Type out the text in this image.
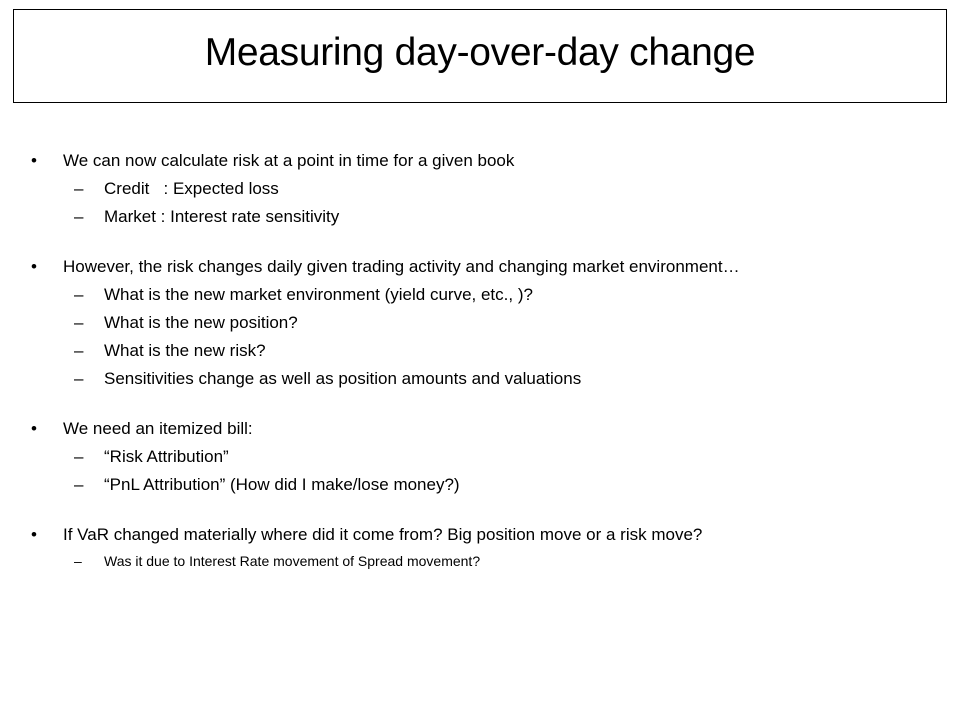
Measuring day-over-day change
• We can now calculate risk at a point in time for a given book
– Credit   : Expected loss
– Market : Interest rate sensitivity
• However, the risk changes daily given trading activity and changing market environment…
– What is the new market environment (yield curve, etc., )?
– What is the new position?
– What is the new risk?
– Sensitivities change as well as position amounts and valuations
• We need an itemized bill:
– “Risk Attribution”
– “PnL Attribution” (How did I make/lose money?)
• If VaR changed materially where did it come from? Big position move or a risk move?
– Was it due to Interest Rate movement of Spread movement?
